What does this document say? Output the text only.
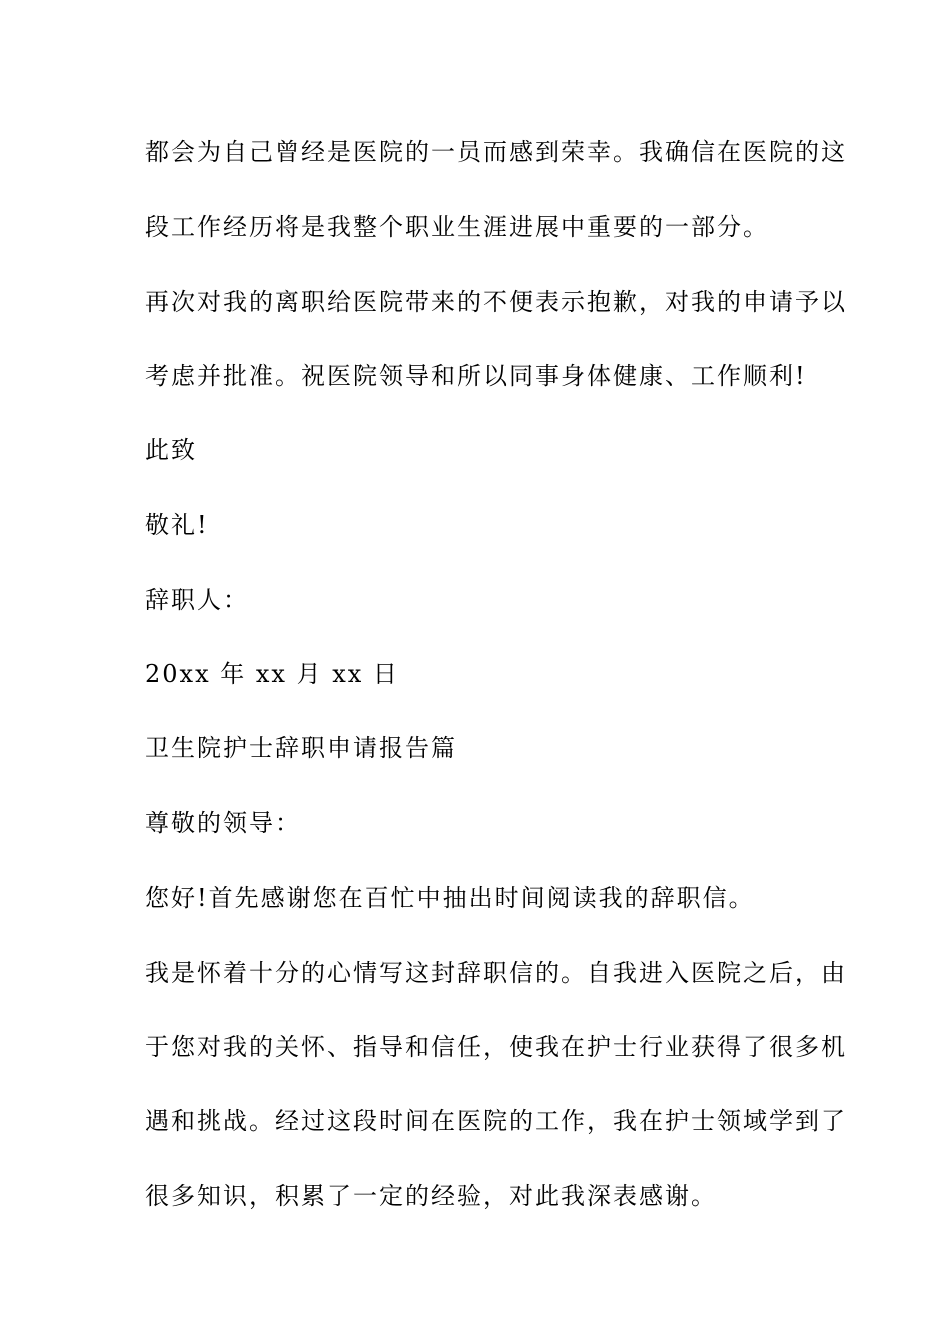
都会为自己曾经是医院的一员而感到荣幸。我确信在医院的这
段工作经历将是我整个职业生涯进展中重要的一部分。
再次对我的离职给医院带来的不便表示抱歉，对我的申请予以
考虑并批准。祝医院领导和所以同事身体健康、工作顺利!
此致
敬礼!
辞职人：
20xx 年 xx 月 xx 日
卫生院护士辞职申请报告篇
尊敬的领导：
您好!首先感谢您在百忙中抽出时间阅读我的辞职信。
我是怀着十分的心情写这封辞职信的。自我进入医院之后，由
于您对我的关怀、指导和信任，使我在护士行业获得了很多机
遇和挑战。经过这段时间在医院的工作，我在护士领域学到了
很多知识，积累了一定的经验，对此我深表感谢。
